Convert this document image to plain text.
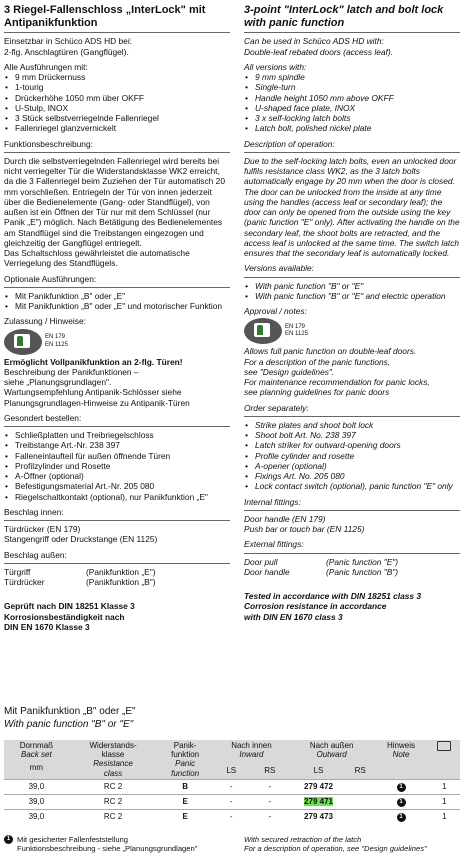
3 Riegel-Fallenschloss „InterLock" mit Antipanikfunktion

Einsetzbar in Schüco ADS HD bei:

2-flg. Anschlagtüren (Gangflügel).

Alle Ausführungen mit:

• 9 mm Drückernuss
• 1-tourig
• Drückerhöhe 1050 mm über OKFF
• U-Stulp, INOX
• 3 Stück selbstverriegelnde Fallenriegel
• Fallenriegel glanzvernickelt

Funktionsbeschreibung:

Durch die selbstverriegelnden Fallenriegel wird bereits bei nicht verriegelter Tür die Widerstandsklasse WK2 erreicht, da die 3 Fallenriegel beim Zuziehen der Tür automatisch 20 mm vorschließen. Entriegeln der Tür von innen jederzeit über die Bedienelemente (Gang- oder Standflügel), von außen ist ein Öffnen der Tür nur mit dem Schlüssel (nur Panik „E") möglich. Nach Betätigung des Bedienelementes am Standflügel sind die Treibstangen eingezogen und gleichzeitig der Gangflügel entriegelt.

Das Schaltschloss gewährleistet die automatische Verriegelung des Standflügels.

Optionale Ausführungen:

• Mit Panikfunktion „B" oder „E"
• Mit Panikfunktion „B" oder „E" und motorischer Funktion

Zulassung / Hinweise:

EN 179
EN 1125

Ermöglicht Vollpanikfunktion an 2-flg. Türen!

Beschreibung der Panikfunktionen –

siehe „Planungsgrundlagen".

Wartungsempfehlung Antipanik-Schlösser siehe

Planungsgrundlagen-Hinweise zu Antipanik-Türen

Gesondert bestellen:

• Schließplatten und Treibriegelschloss
• Treibstange Art.-Nr. 238 397
• Falleneinlaufteil für außen öffnende Türen
• Profilzylinder und Rosette
• A-Öffner (optional)
• Befestigungsmaterial Art.-Nr. 205 080
• Riegelschaltkontakt (optional), nur Panikfunktion „E"

Beschlag innen:

Türdrücker (EN 179)

Stangengriff oder Druckstange (EN 1125)

Beschlag außen:

Türgriff	(Panikfunktion „E")
Türdrücker	(Panikfunktion „B")

Geprüft nach DIN 18251 Klasse 3

Korrosionsbeständigkeit nach

DIN EN 1670 Klasse 3

3-point "InterLock" latch and bolt lock with panic function

Can be used in Schüco ADS HD with:

Double-leaf rebated doors (access leaf).

All versions with:

• 9 mm spindle
• Single-turn
• Handle height 1050 mm above OKFF
• U-shaped face plate, INOX
• 3 x self-locking latch bolts
• Latch bolt, polished nickel plate

Description of operation:

Due to the self-locking latch bolts, even an unlocked door fulfils resistance class WK2, as the 3 latch bolts automatically engage by 20 mm when the door is closed. The door can be unlocked from the inside at any time using the handles (access leaf or secondary leaf); the door can only be opened from the outside using the key (panic function "E" only). After activating the handle on the secondary leaf, the shoot bolts are retracted, and the access leaf is unlocked at the same time. The switch latch ensures that the secondary leaf is automatically locked.

Versions available:

• With panic function "B" or "E"
• With panic function "B" or "E" and electric operation

Approval / notes:

EN 179
EN 1125

Allows full panic function on double-leaf doors.

For a description of the panic functions,

see "Design guidelines".

For maintenance recommendation for panic locks,

see planning guidelines for panic doors

Order separately:

• Strike plates and shoot bolt lock
• Shoot bolt Art. No. 238 397
• Latch striker for outward-opening doors
• Profile cylinder and rosette
• A-opener (optional)
• Fixings Art. No. 205 080
• Lock contact switch (optional), panic function "E" only

Internal fittings:

Door handle (EN 179)

Push bar or touch bar (EN 1125)

External fittings:

Door pull	(Panic function "E")
Door handle	(Panic function "B")

Tested in accordance with DIN 18251 class 3

Corrosion resistance in accordance

with DIN EN 1670 class 3

Mit Panikfunktion „B" oder „E"
With panic function "B" or "E"
Dornmaß
Back set
mm	Widerstands-
klasse
Resistance
class	Panik-
funktion
Panic
function	Nach innen
Inward		Nach außen
Outward		Hinweis
Note	

			LS	RS	LS	RS		
39,0	RC 2	B	-	-	279 472		1	1
39,0	RC 2	E	-	-	279 471		1	1
39,0	RC 2	E	-	-	279 473		1	1
1 Mit gesicherter Fallenfeststellung
Funktionsbeschreibung - siehe „Planungsgrundlagen"
With secured retraction of the latch
For a description of operation, see "Design guidelines"
